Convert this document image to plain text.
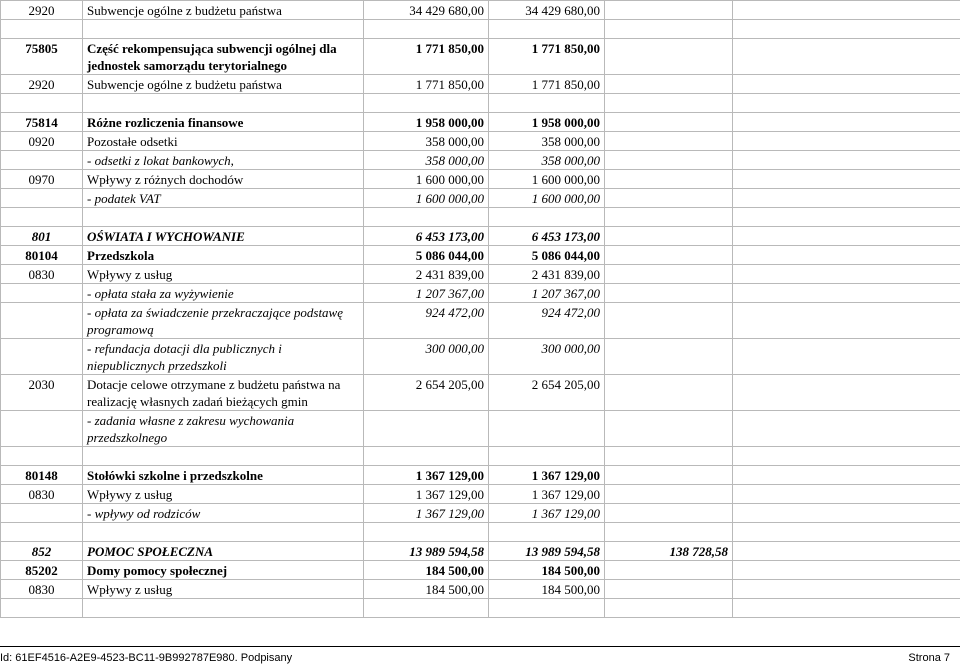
2920	Subwencje ogólne z budżetu państwa	34 429 680,00	34 429 680,00		

75805	Część rekompensująca subwencji ogólnej dla jednostek samorządu terytorialnego	1 771 850,00	1 771 850,00		
2920	Subwencje ogólne z budżetu państwa	1 771 850,00	1 771 850,00		

75814	Różne rozliczenia finansowe	1 958 000,00	1 958 000,00		
0920	Pozostałe odsetki	358 000,00	358 000,00		
	- odsetki z lokat bankowych,	358 000,00	358 000,00		
0970	Wpływy z różnych dochodów	1 600 000,00	1 600 000,00		
	- podatek VAT	1 600 000,00	1 600 000,00		

801	OŚWIATA I WYCHOWANIE	6 453 173,00	6 453 173,00		
80104	Przedszkola	5 086 044,00	5 086 044,00		
0830	Wpływy z usług	2 431 839,00	2 431 839,00		
	- opłata stała za wyżywienie	1 207 367,00	1 207 367,00		
	- opłata za świadczenie przekraczające podstawę programową	924 472,00	924 472,00		
	- refundacja dotacji dla publicznych i niepublicznych przedszkoli	300 000,00	300 000,00		
2030	Dotacje celowe otrzymane z budżetu państwa na realizację własnych zadań bieżących gmin	2 654 205,00	2 654 205,00		
	- zadania własne z zakresu wychowania przedszkolnego				

80148	Stołówki szkolne i przedszkolne	1 367 129,00	1 367 129,00		
0830	Wpływy z usług	1 367 129,00	1 367 129,00		
	- wpływy od rodziców	1 367 129,00	1 367 129,00		

852	POMOC SPOŁECZNA	13 989 594,58	13 989 594,58	138 728,58	
85202	Domy pomocy społecznej	184 500,00	184 500,00		
0830	Wpływy z usług	184 500,00	184 500,00		

Id: 61EF4516-A2E9-4523-BC11-9B992787E980. Podpisany	Strona 7
